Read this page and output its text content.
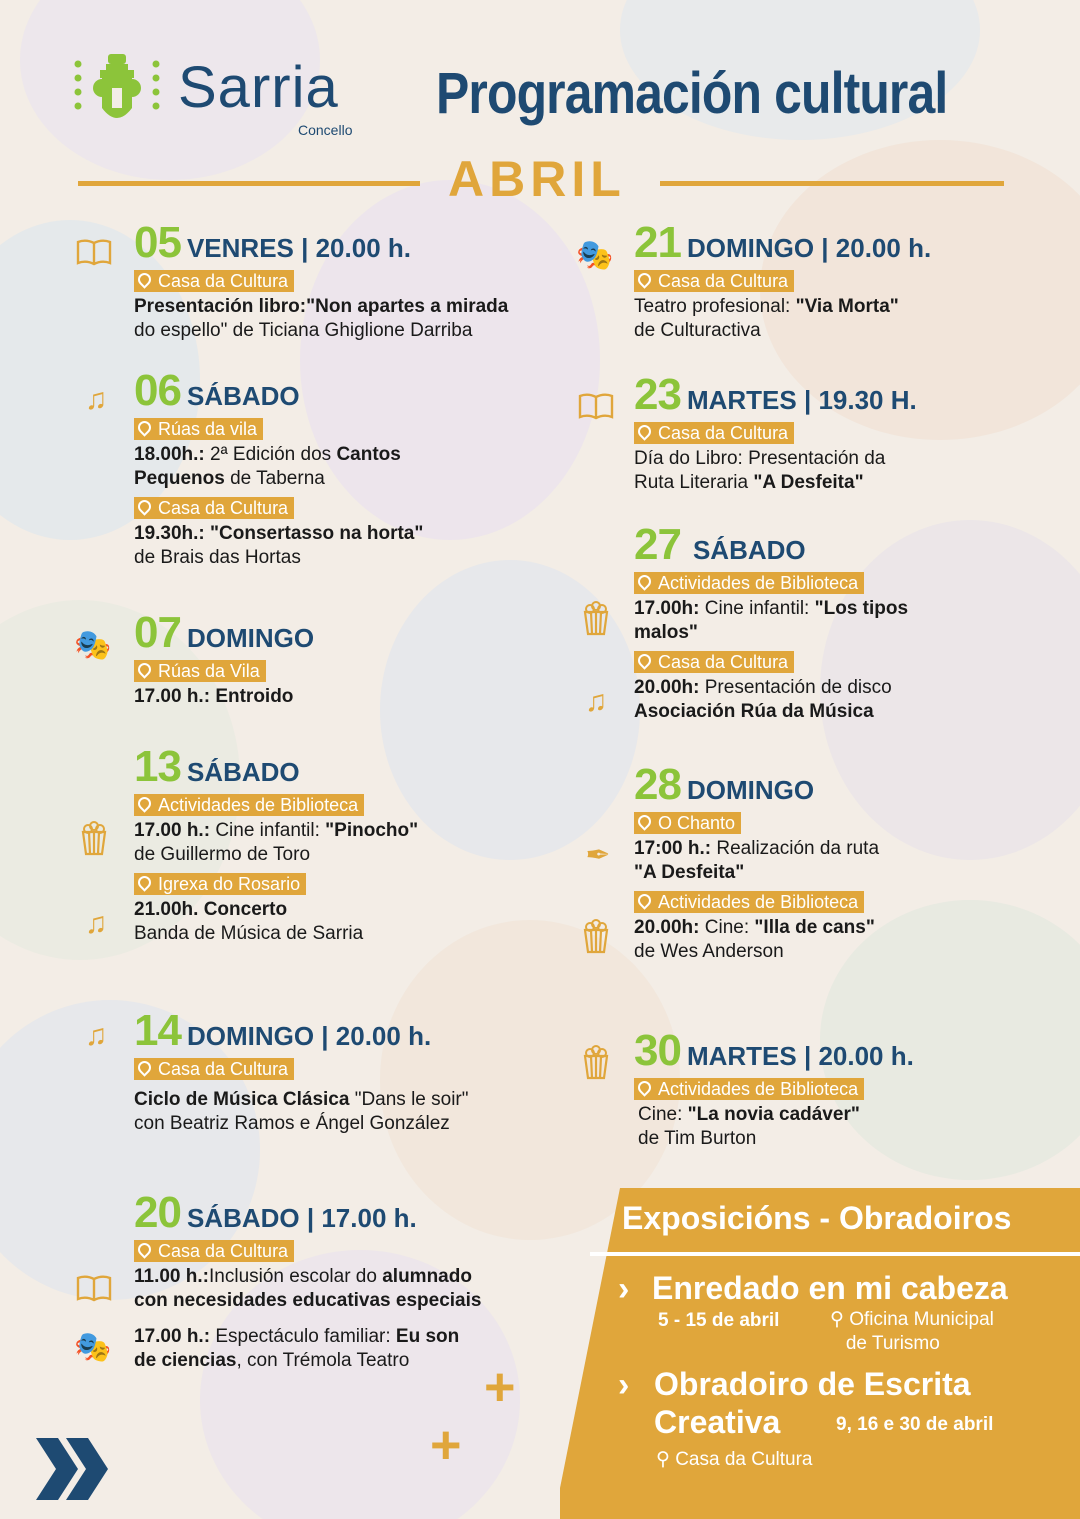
Sarria
Concello
Programación cultural
ABRIL
05 VENRES | 20.00 h.
Casa da Cultura
Presentación libro:"Non apartes a mirada
do espello" de Ticiana Ghiglione Darriba
♫ 06 SÁBADO
Rúas da vila
18.00h.: 2ª Edición dos Cantos
Pequenos de Taberna
Casa da Cultura
19.30h.: "Consertasso na horta"
de Brais das Hortas
🎭 07 DOMINGO
Rúas da Vila
17.00 h.: Entroido
♫
13 SÁBADO
Actividades de Biblioteca
17.00 h.: Cine infantil: "Pinocho"
de Guillermo de Toro
Igrexa do Rosario
21.00h. Concerto
Banda de Música de Sarria
♫ 14 DOMINGO | 20.00 h.
Casa da Cultura
Ciclo de Música Clásica "Dans le soir"
con Beatriz Ramos e Ángel González
🎭
20 SÁBADO | 17.00 h.
Casa da Cultura
11.00 h.:Inclusión escolar do alumnado
con necesidades educativas especiais
17.00 h.: Espectáculo familiar: Eu son
de ciencias, con Trémola Teatro
🎭 21 DOMINGO | 20.00 h.
Casa da Cultura
Teatro profesional: "Via Morta"
de Culturactiva
23 MARTES | 19.30 H.
Casa da Cultura
Día do Libro: Presentación da
Ruta Literaria "A Desfeita"
♫
27 SÁBADO
Actividades de Biblioteca
17.00h: Cine infantil: "Los tipos
malos"
Casa da Cultura
20.00h: Presentación de disco
Asociación Rúa da Música
✒
28 DOMINGO
O Chanto
17:00 h.: Realización da ruta
"A Desfeita"
Actividades de Biblioteca
20.00h: Cine: "Illa de cans"
de Wes Anderson
30 MARTES | 20.00 h.
Actividades de Biblioteca
Cine: "La novia cadáver"
de Tim Burton
Exposicións - Obradoiros
› Enredado en mi cabeza
5 - 15 de abril	⚲ Oficina Municipal
de Turismo
› Obradoiro de Escrita
Creativa	9, 16 e 30 de abril
⚲ Casa da Cultura
+
+
